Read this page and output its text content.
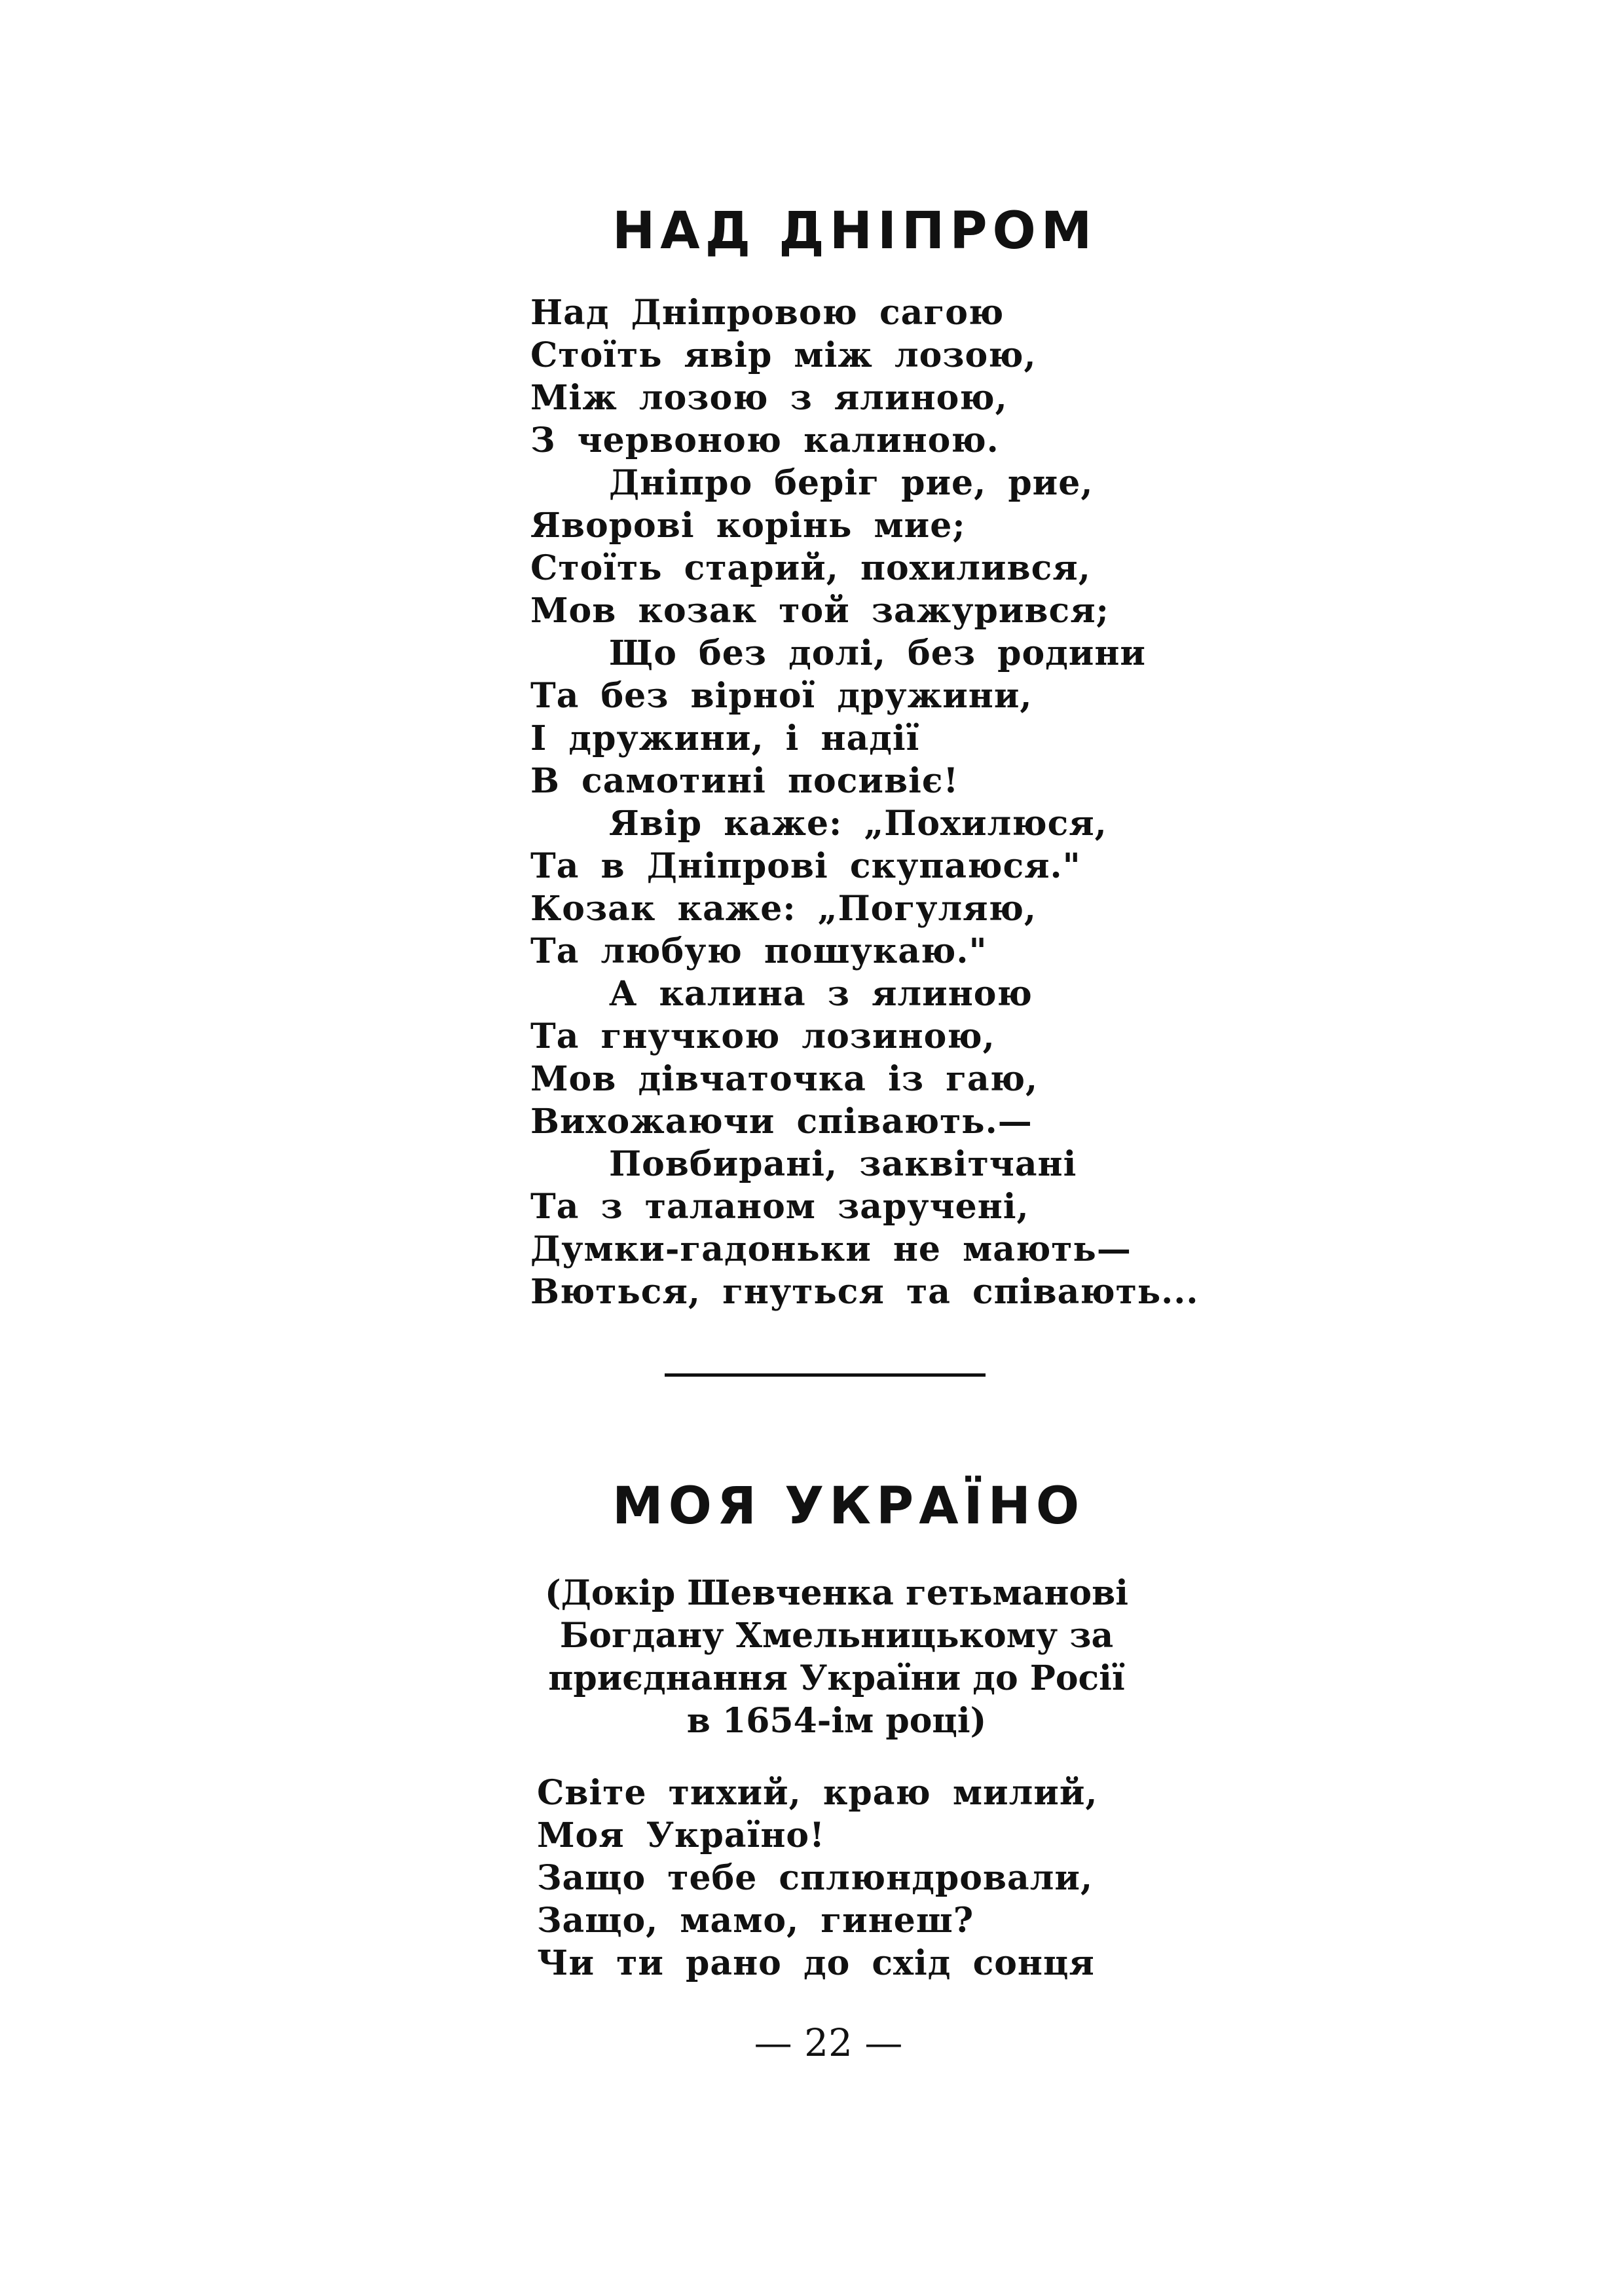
НАД ДНІПРОМ
Над Дніпровою сагою
Стоїть явір між лозою,
Між лозою з ялиною,
З червоною калиною.
Дніпро беріг рие, рие,
Яворові корінь мие;
Стоїть старий, похилився,
Мов козак той зажурився;
Що без долі, без родини
Та без вірної дружини,
І дружини, і надії
В самотині посивіє!
Явір каже: „Похилюся,
Та в Дніпрові скупаюся."
Козак каже: „Погуляю,
Та любую пошукаю."
А калина з ялиною
Та гнучкою лозиною,
Мов дівчаточка із гаю,
Вихожаючи співають.—
Повбирані, заквітчані
Та з таланом заручені,
Думки-гадоньки не мають—
Вються, гнуться та співають...
МОЯ УКРАЇНО
(Докір Шевченка гетьманові
Богдану Хмельницькому за
приєднання України до Росії
в 1654-ім році)
Світе тихий, краю милий,
Моя Україно!
Защо тебе сплюндровали,
Защо, мамо, гинеш?
Чи ти рано до схід сонця
— 22 —
